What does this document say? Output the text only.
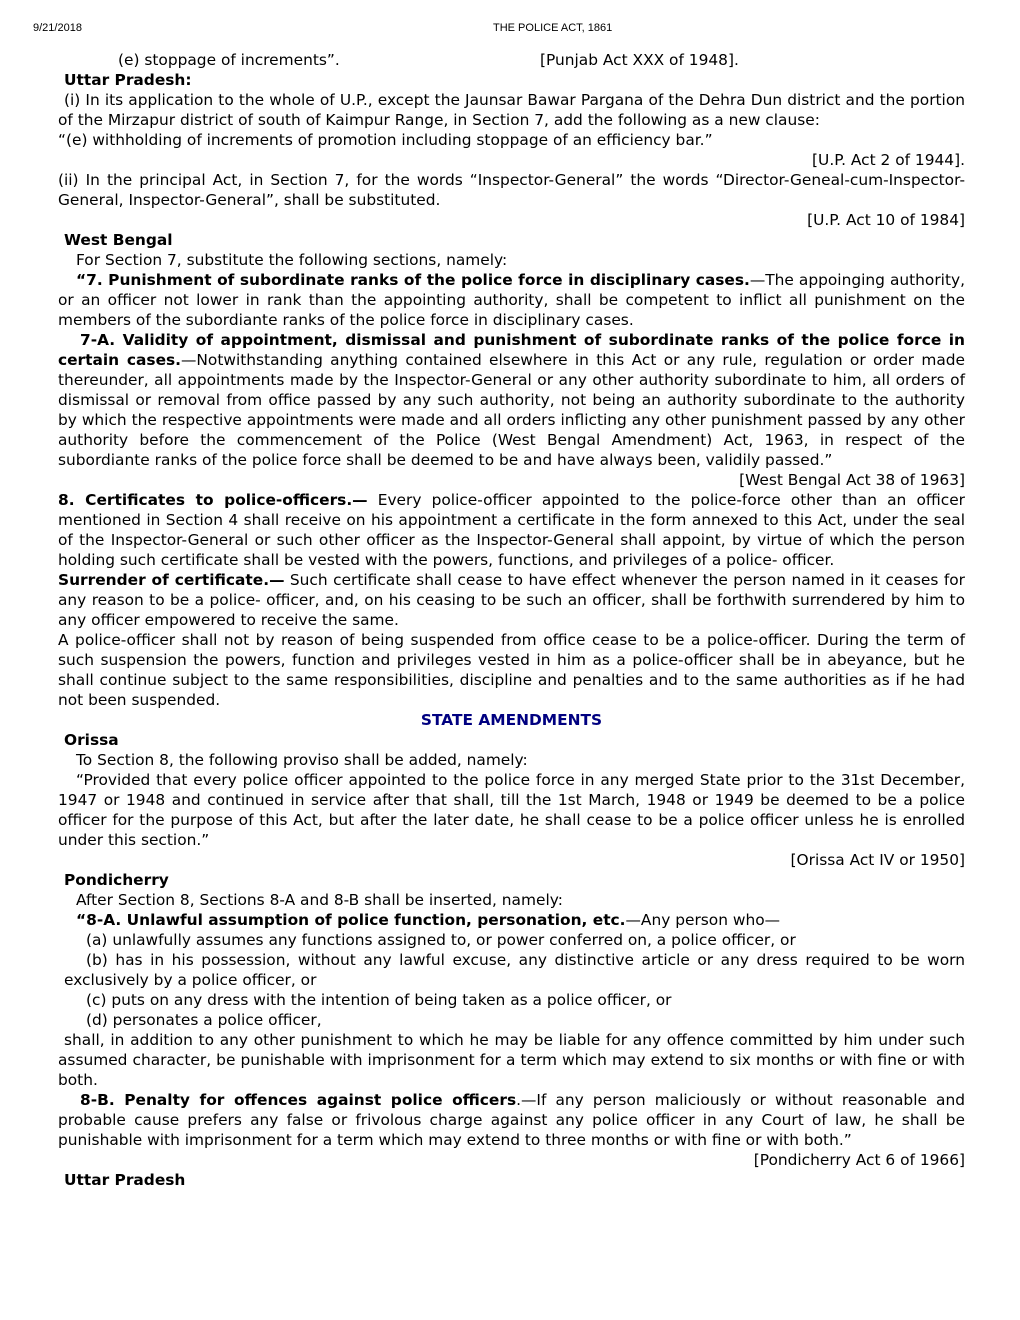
9/21/2018	THE POLICE ACT, 1861
(e) stoppage of increments”.	[Punjab Act XXX of 1948].

Uttar Pradesh:

(i) In its application to the whole of U.P., except the Jaunsar Bawar Pargana of the Dehra Dun district and the portion of the Mirzapur district of south of Kaimpur Range, in Section 7, add the following as a new clause:

“(e) withholding of increments of promotion including stoppage of an efficiency bar.”

[U.P. Act 2 of 1944].

(ii) In the principal Act, in Section 7, for the words “Inspector-General” the words “Director-Geneal-cum-Inspector-General, Inspector-General”, shall be substituted.

[U.P. Act 10 of 1984]

West Bengal

For Section 7, substitute the following sections, namely:

“7. Punishment of subordinate ranks of the police force in disciplinary cases.—The appoinging authority, or an officer not lower in rank than the appointing authority, shall be competent to inflict all punishment on the members of the subordiante ranks of the police force in disciplinary cases.

7-A. Validity of appointment, dismissal and punishment of subordinate ranks of the police force in certain cases.—Notwithstanding anything contained elsewhere in this Act or any rule, regulation or order made thereunder, all appointments made by the Inspector-General or any other authority subordinate to him, all orders of dismissal or removal from office passed by any such authority, not being an authority subordinate to the authority by which the respective appointments were made and all orders inflicting any other punishment passed by any other authority before the commencement of the Police (West Bengal Amendment) Act, 1963, in respect of the subordiante ranks of the police force shall be deemed to be and have always been, validily passed.”

[West Bengal Act 38 of 1963]

8. Certificates to police-officers.— Every police-officer appointed to the police-force other than an officer mentioned in Section 4 shall receive on his appointment a certificate in the form annexed to this Act, under the seal of the Inspector-General or such other officer as the Inspector-General shall appoint, by virtue of which the person holding such certificate shall be vested with the powers, functions, and privileges of a police- officer.

Surrender of certificate.— Such certificate shall cease to have effect whenever the person named in it ceases for any reason to be a police- officer, and, on his ceasing to be such an officer, shall be forthwith surrendered by him to any officer empowered to receive the same.

A police-officer shall not by reason of being suspended from office cease to be a police-officer. During the term of such suspension the powers, function and privileges vested in him as a police-officer shall be in abeyance, but he shall continue subject to the same responsibilities, discipline and penalties and to the same authorities as if he had not been suspended.

STATE AMENDMENTS

Orissa

To Section 8, the following proviso shall be added, namely:

“Provided that every police officer appointed to the police force in any merged State prior to the 31st December, 1947 or 1948 and continued in service after that shall, till the 1st March, 1948 or 1949 be deemed to be a police officer for the purpose of this Act, but after the later date, he shall cease to be a police officer unless he is enrolled under this section.”

[Orissa Act IV or 1950]

Pondicherry

After Section 8, Sections 8-A and 8-B shall be inserted, namely:

“8-A. Unlawful assumption of police function, personation, etc.—Any person who—

(a) unlawfully assumes any functions assigned to, or power conferred on, a police officer, or

(b) has in his possession, without any lawful excuse, any distinctive article or any dress required to be worn exclusively by a police officer, or

(c) puts on any dress with the intention of being taken as a police officer, or

(d) personates a police officer,

shall, in addition to any other punishment to which he may be liable for any offence committed by him under such assumed character, be punishable with imprisonment for a term which may extend to six months or with fine or with both.

8-B. Penalty for offences against police officers.—If any person maliciously or without reasonable and probable cause prefers any false or frivolous charge against any police officer in any Court of law, he shall be punishable with imprisonment for a term which may extend to three months or with fine or with both.”

[Pondicherry Act 6 of 1966]

Uttar Pradesh
